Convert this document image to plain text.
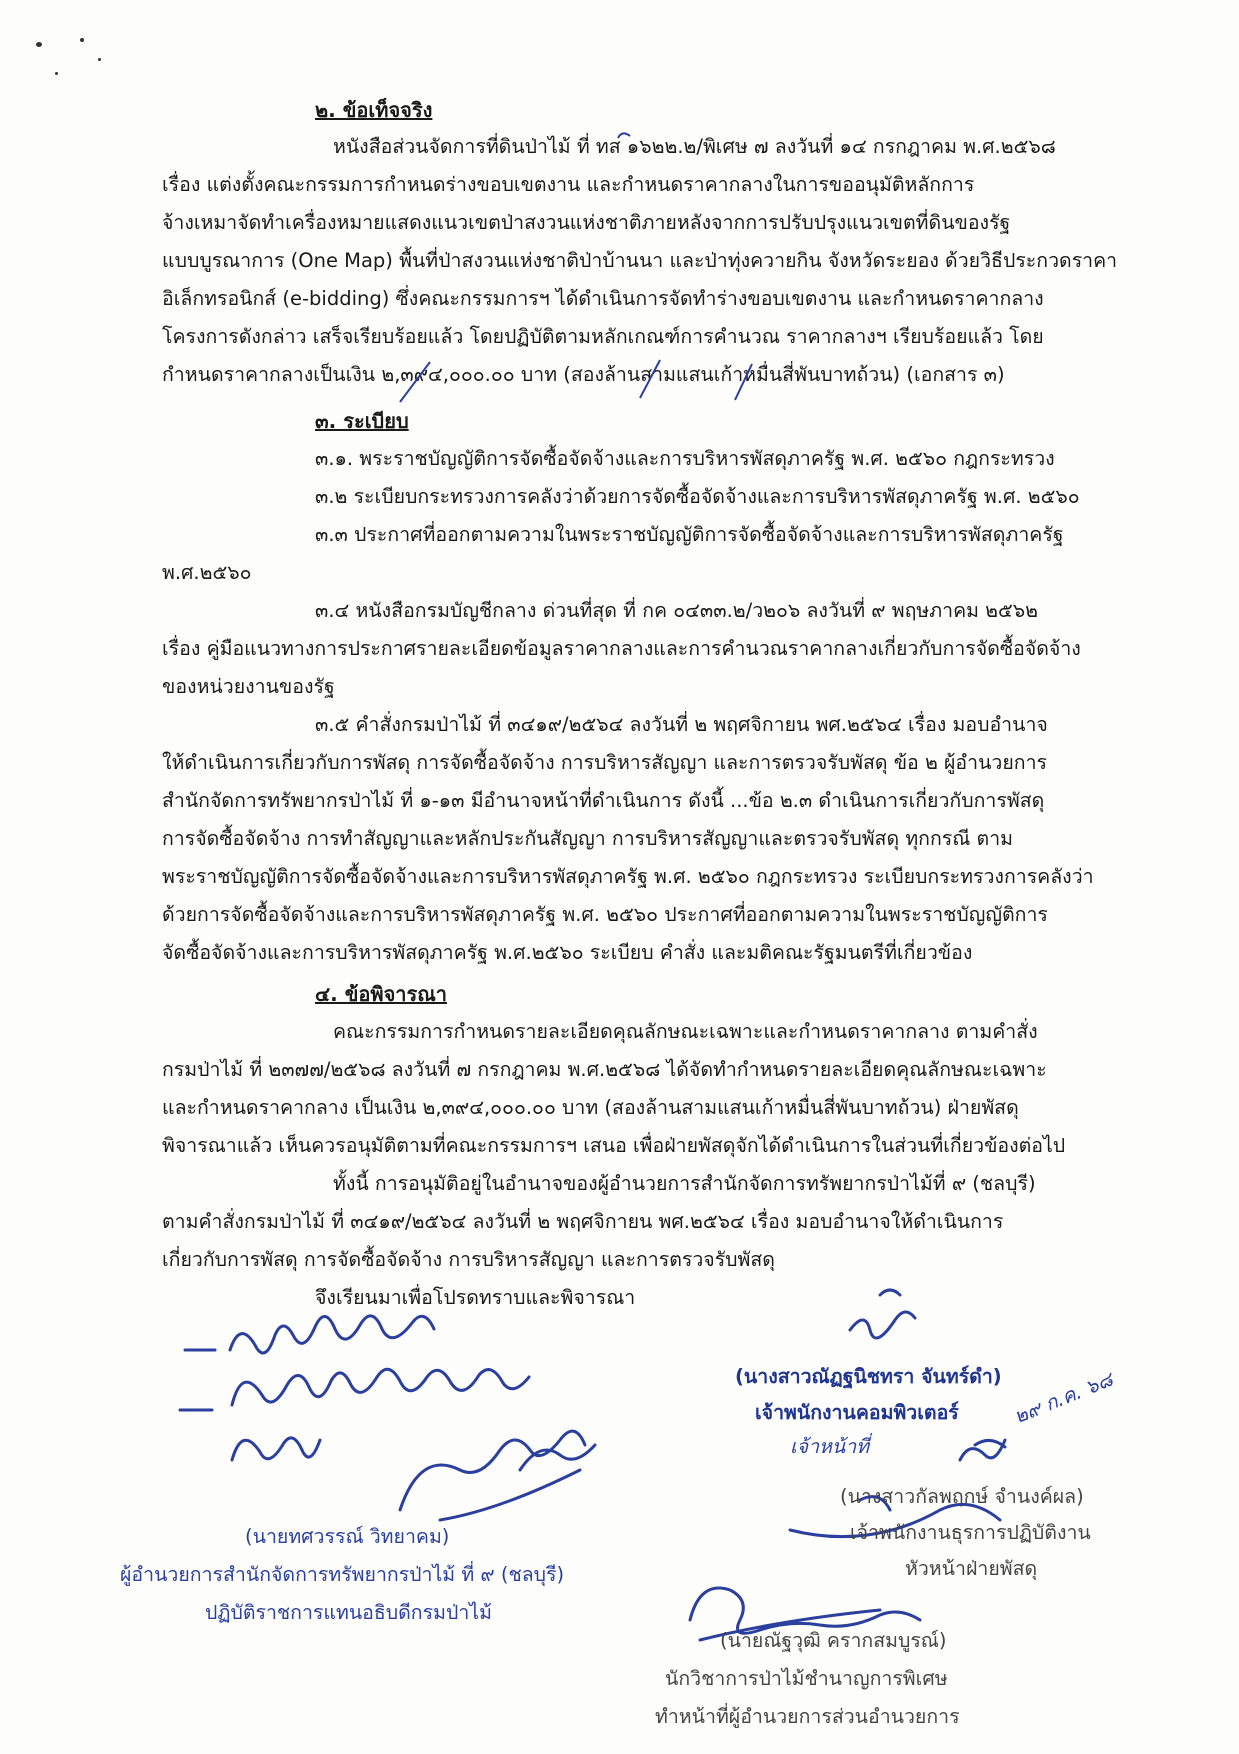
๒. ข้อเท็จจริง
หนังสือส่วนจัดการที่ดินป่าไม้ ที่ ทส ๑๖๒๒.๒/พิเศษ ๗ ลงวันที่ ๑๔ กรกฎาคม พ.ศ.๒๕๖๘
เรื่อง แต่งตั้งคณะกรรมการกำหนดร่างขอบเขตงาน และกำหนดราคากลางในการขออนุมัติหลักการ
จ้างเหมาจัดทำเครื่องหมายแสดงแนวเขตป่าสงวนแห่งชาติภายหลังจากการปรับปรุงแนวเขตที่ดินของรัฐ
แบบบูรณาการ (One Map) พื้นที่ป่าสงวนแห่งชาติป่าบ้านนา และป่าทุ่งควายกิน จังหวัดระยอง ด้วยวิธีประกวดราคา
อิเล็กทรอนิกส์ (e-bidding) ซึ่งคณะกรรมการฯ ได้ดำเนินการจัดทำร่างขอบเขตงาน และกำหนดราคากลาง
โครงการดังกล่าว เสร็จเรียบร้อยแล้ว โดยปฏิบัติตามหลักเกณฑ์การคำนวณ ราคากลางฯ เรียบร้อยแล้ว โดย
กำหนดราคากลางเป็นเงิน ๒,๓๙๔,๐๐๐.๐๐ บาท (สองล้านสามแสนเก้าหมื่นสี่พันบาทถ้วน) (เอกสาร ๓)
๓. ระเบียบ
๓.๑. พระราชบัญญัติการจัดซื้อจัดจ้างและการบริหารพัสดุภาครัฐ พ.ศ. ๒๕๖๐ กฎกระทรวง
๓.๒ ระเบียบกระทรวงการคลังว่าด้วยการจัดซื้อจัดจ้างและการบริหารพัสดุภาครัฐ พ.ศ. ๒๕๖๐
๓.๓ ประกาศที่ออกตามความในพระราชบัญญัติการจัดซื้อจัดจ้างและการบริหารพัสดุภาครัฐ
พ.ศ.๒๕๖๐
๓.๔ หนังสือกรมบัญชีกลาง ด่วนที่สุด ที่ กค ๐๔๓๓.๒/ว๒๐๖ ลงวันที่ ๙ พฤษภาคม ๒๕๖๒
เรื่อง คู่มือแนวทางการประกาศรายละเอียดข้อมูลราคากลางและการคำนวณราคากลางเกี่ยวกับการจัดซื้อจัดจ้าง
ของหน่วยงานของรัฐ
๓.๕ คำสั่งกรมป่าไม้ ที่ ๓๔๑๙/๒๕๖๔ ลงวันที่ ๒ พฤศจิกายน พศ.๒๕๖๔ เรื่อง มอบอำนาจ
ให้ดำเนินการเกี่ยวกับการพัสดุ การจัดซื้อจัดจ้าง การบริหารสัญญา และการตรวจรับพัสดุ ข้อ ๒ ผู้อำนวยการ
สำนักจัดการทรัพยากรป่าไม้ ที่ ๑-๑๓ มีอำนาจหน้าที่ดำเนินการ ดังนี้ ...ข้อ ๒.๓ ดำเนินการเกี่ยวกับการพัสดุ
การจัดซื้อจัดจ้าง การทำสัญญาและหลักประกันสัญญา การบริหารสัญญาและตรวจรับพัสดุ ทุกกรณี ตาม
พระราชบัญญัติการจัดซื้อจัดจ้างและการบริหารพัสดุภาครัฐ พ.ศ. ๒๕๖๐ กฎกระทรวง ระเบียบกระทรวงการคลังว่า
ด้วยการจัดซื้อจัดจ้างและการบริหารพัสดุภาครัฐ พ.ศ. ๒๕๖๐ ประกาศที่ออกตามความในพระราชบัญญัติการ
จัดซื้อจัดจ้างและการบริหารพัสดุภาครัฐ พ.ศ.๒๕๖๐ ระเบียบ คำสั่ง และมติคณะรัฐมนตรีที่เกี่ยวข้อง
๔. ข้อพิจารณา
คณะกรรมการกำหนดรายละเอียดคุณลักษณะเฉพาะและกำหนดราคากลาง ตามคำสั่ง
กรมป่าไม้ ที่ ๒๓๗๗/๒๕๖๘ ลงวันที่ ๗ กรกฎาคม พ.ศ.๒๕๖๘ ได้จัดทำกำหนดรายละเอียดคุณลักษณะเฉพาะ
และกำหนดราคากลาง เป็นเงิน ๒,๓๙๔,๐๐๐.๐๐ บาท (สองล้านสามแสนเก้าหมื่นสี่พันบาทถ้วน) ฝ่ายพัสดุ
พิจารณาแล้ว เห็นควรอนุมัติตามที่คณะกรรมการฯ เสนอ เพื่อฝ่ายพัสดุจักได้ดำเนินการในส่วนที่เกี่ยวข้องต่อไป
ทั้งนี้ การอนุมัติอยู่ในอำนาจของผู้อำนวยการสำนักจัดการทรัพยากรป่าไม้ที่ ๙ (ชลบุรี)
ตามคำสั่งกรมป่าไม้ ที่ ๓๔๑๙/๒๕๖๔ ลงวันที่ ๒ พฤศจิกายน พศ.๒๕๖๔ เรื่อง มอบอำนาจให้ดำเนินการ
เกี่ยวกับการพัสดุ การจัดซื้อจัดจ้าง การบริหารสัญญา และการตรวจรับพัสดุ
จึงเรียนมาเพื่อโปรดทราบและพิจารณา
(นายทศวรรณ์ วิทยาคม)
ผู้อำนวยการสำนักจัดการทรัพยากรป่าไม้ ที่ ๙ (ชลบุรี)
ปฏิบัติราชการแทนอธิบดีกรมป่าไม้
(นางสาวณัฏฐนิชทรา จันทร์ดำ)
เจ้าพนักงานคอมพิวเตอร์
เจ้าหน้าที่
๒๙ ก.ค. ๖๘
(นางสาวกัลพฤกษ์ จำนงค์ผล)
เจ้าพนักงานธุรการปฏิบัติงาน
หัวหน้าฝ่ายพัสดุ
(นายณัฐวุฒิ ครากสมบูรณ์)
นักวิชาการป่าไม้ชำนาญการพิเศษ
ทำหน้าที่ผู้อำนวยการส่วนอำนวยการ
